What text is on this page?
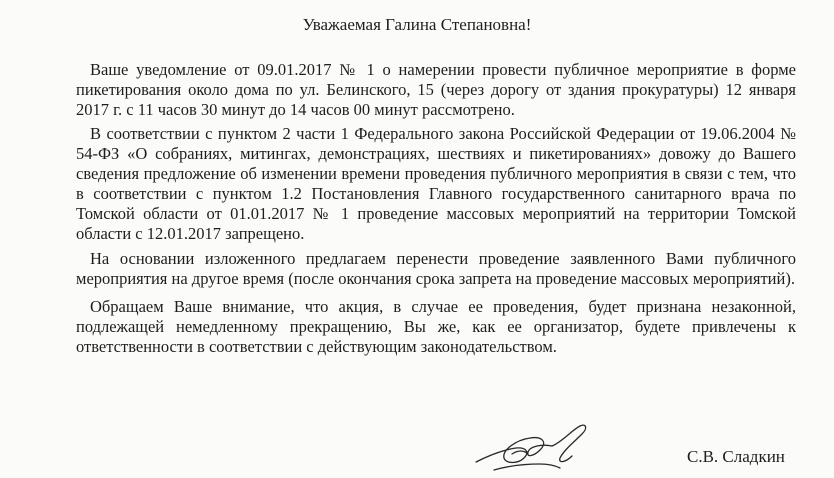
Уважаемая Галина Степановна!

Ваше уведомление от 09.01.2017 № 1 о намерении провести публичное мероприятие в форме пикетирования около дома по ул. Белинского, 15 (через дорогу от здания прокуратуры) 12 января 2017 г. с 11 часов 30 минут до 14 часов 00 минут рассмотрено.

В соответствии с пунктом 2 части 1 Федерального закона Российской Федерации от 19.06.2004 № 54-ФЗ «О собраниях, митингах, демонстрациях, шествиях и пикетированиях» довожу до Вашего сведения предложение об изменении времени проведения публичного мероприятия в связи с тем, что в соответствии с пунктом 1.2 Постановления Главного государственного санитарного врача по Томской области от 01.01.2017 № 1 проведение массовых мероприятий на территории Томской области с 12.01.2017 запрещено.

На основании изложенного предлагаем перенести проведение заявленного Вами публичного мероприятия на другое время (после окончания срока запрета на проведение массовых мероприятий).

Обращаем Ваше внимание, что акция, в случае ее проведения, будет признана незаконной, подлежащей немедленному прекращению, Вы же, как ее организатор, будете привлечены к ответственности в соответствии с действующим законодательством.

С.В. Сладкин
